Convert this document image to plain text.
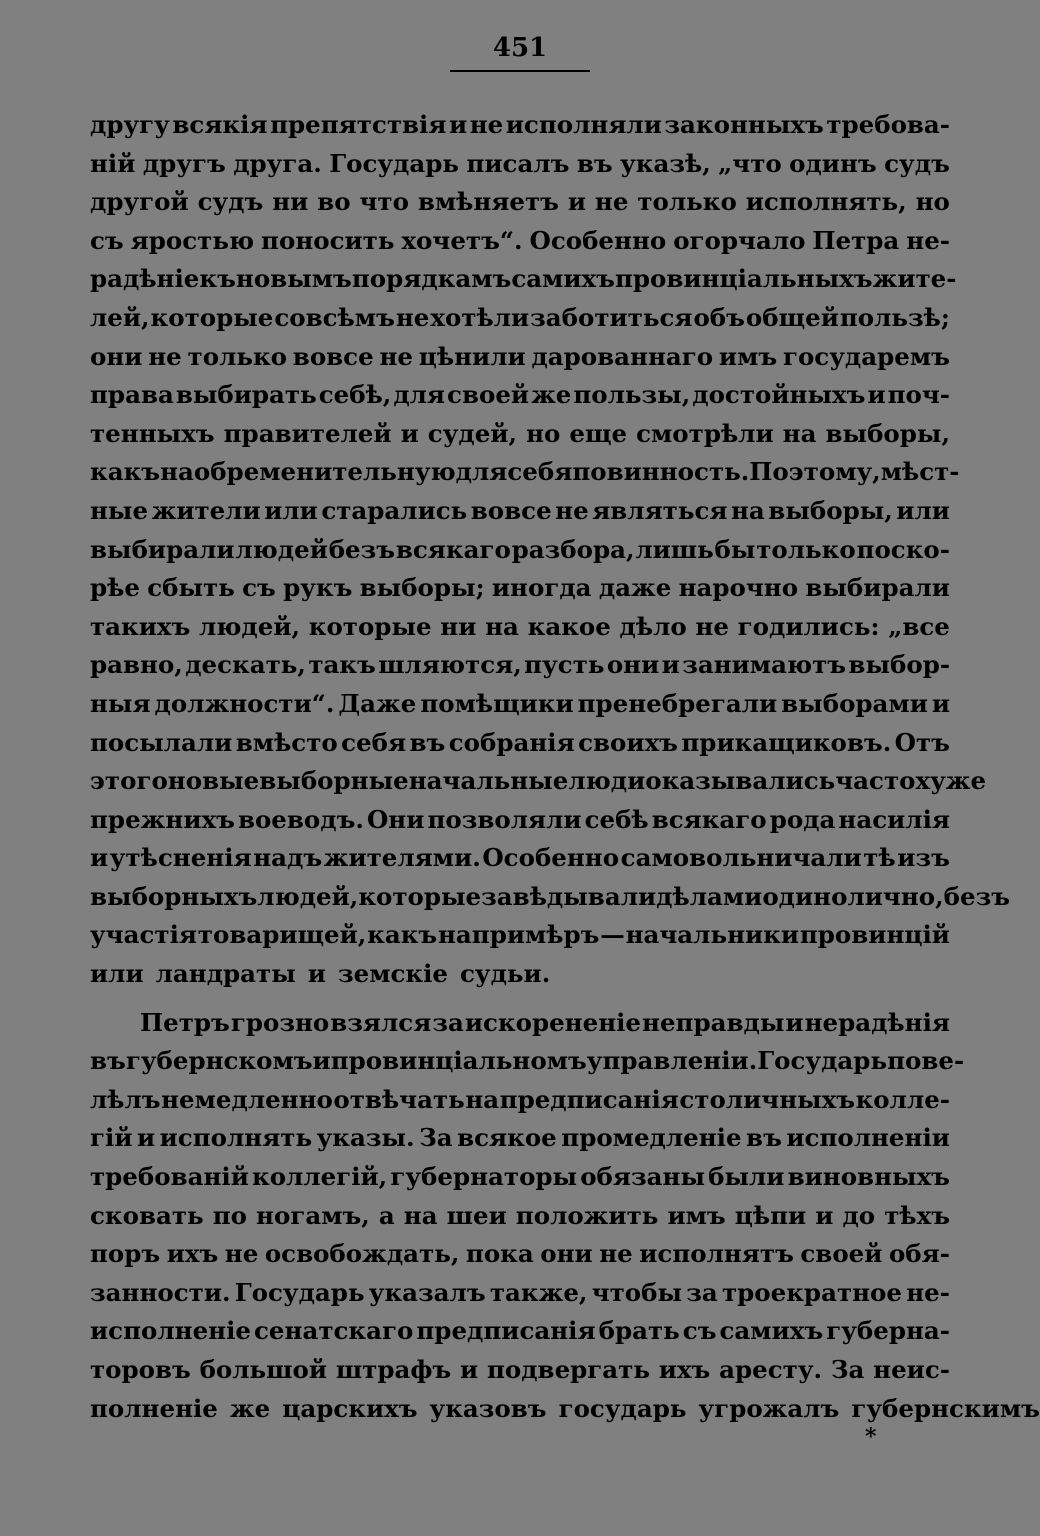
451
другу всякія препятствія и не исполняли законныхъ требова-
ній другъ друга. Государь писалъ въ указѣ, „что одинъ судъ
другой судъ ни во что вмѣняетъ и не только исполнять, но
съ яростью поносить хочетъ“. Особенно огорчало Петра не-
радѣніе къ новымъ порядкамъ самихъ провинціальныхъ жите-
лей, которые совсѣмъ не хотѣли заботиться объ общей пользѣ;
они не только вовсе не цѣнили дарованнаго имъ государемъ
права выбирать себѣ, для своей же пользы, достойныхъ и поч-
тенныхъ правителей и судей, но еще смотрѣли на выборы,
какъ на обременительную для себя повинность. Поэтому, мѣст-
ные жители или старались вовсе не являться на выборы, или
выбирали людей безъ всякаго разбора, лишь бы только поско-
рѣе сбыть съ рукъ выборы; иногда даже нарочно выбирали
такихъ людей, которые ни на какое дѣло не годились: „все
равно, дескать, такъ шляются, пусть они и занимаютъ выбор-
ныя должности“. Даже помѣщики пренебрегали выборами и
посылали вмѣсто себя въ собранія своихъ прикащиковъ. Отъ
этого новые выборные начальные люди оказывались часто хуже
прежнихъ воеводъ. Они позволяли себѣ всякаго рода насилія
и утѣсненія надъ жителями. Особенно самовольничали тѣ изъ
выборныхъ людей, которые завѣдывали дѣлами одинолично, безъ
участія товарищей, какъ напримѣръ — начальники провинцій
или ландраты и земскіе судьи.
Петръ грозно взялся за искорененіе неправды и нерадѣнія
въ губернскомъ и провинціальномъ управленіи. Государь пове-
лѣлъ немедленно отвѣчать на предписанія столичныхъ колле-
гій и исполнять указы. За всякое промедленіе въ исполненіи
требованій коллегій, губернаторы обязаны были виновныхъ
сковать по ногамъ, а на шеи положить имъ цѣпи и до тѣхъ
поръ ихъ не освобождать, пока они не исполнятъ своей обя-
занности. Государь указалъ также, чтобы за троекратное не-
исполненіе сенатскаго предписанія брать съ самихъ губерна-
торовъ большой штрафъ и подвергать ихъ аресту. За неис-
полненіе же царскихъ указовъ государь угрожалъ губернскимъ
*
